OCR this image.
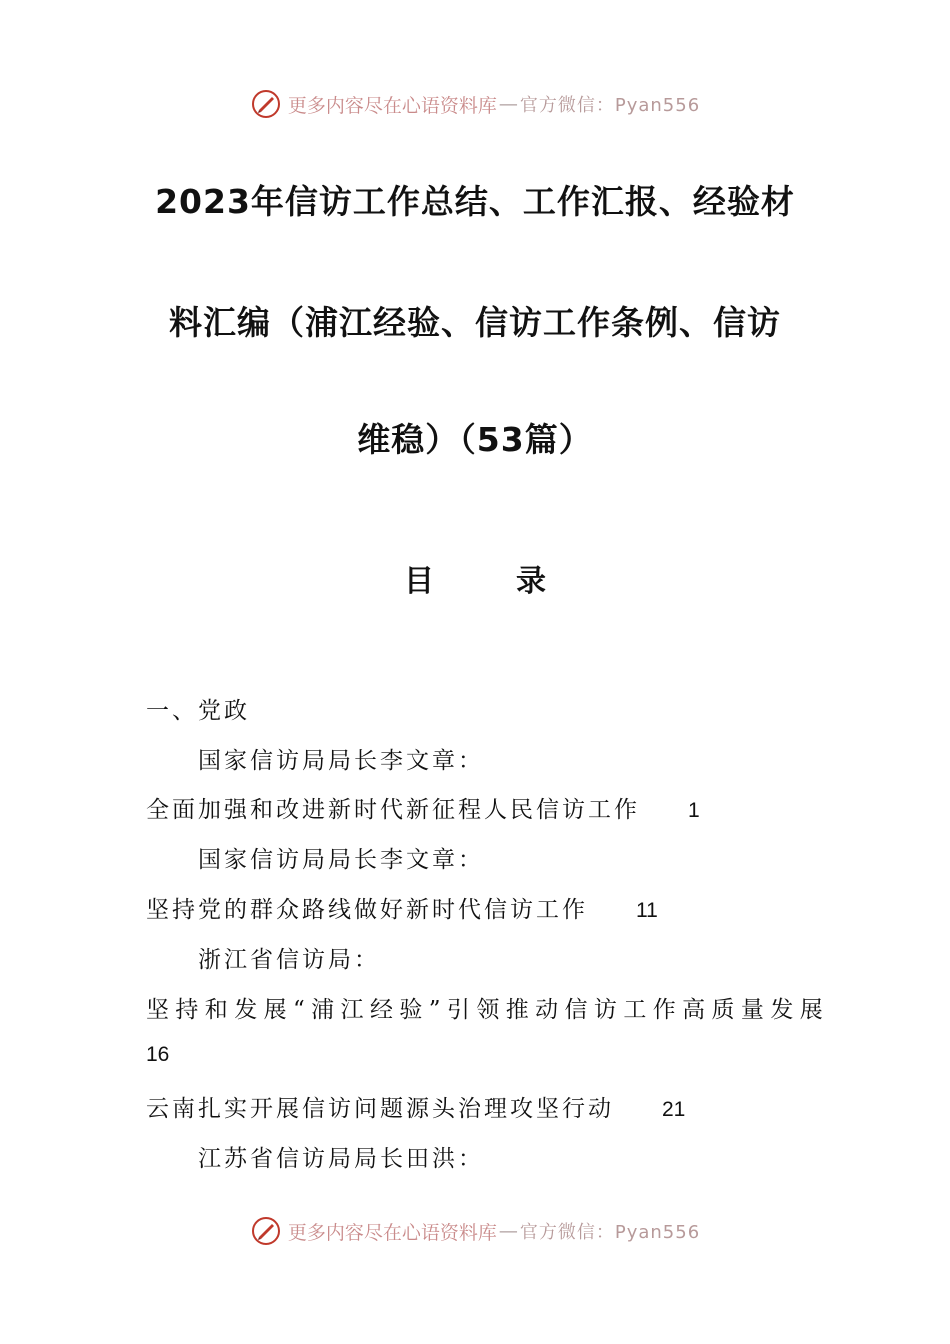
更多内容尽在心语资料库 — 官方微信：Pyan556
2023年信访工作总结、工作汇报、经验材
料汇编（浦江经验、信访工作条例、信访
维稳）（53篇）
目	录
一、党政
国家信访局局长李文章：
全面加强和改进新时代新征程人民信访工作 1
国家信访局局长李文章：
坚持党的群众路线做好新时代信访工作 11
浙江省信访局：
坚持和发展“浦江经验”引领推动信访工作高质量发展
16
云南扎实开展信访问题源头治理攻坚行动 21
江苏省信访局局长田洪：
更多内容尽在心语资料库 — 官方微信：Pyan556
